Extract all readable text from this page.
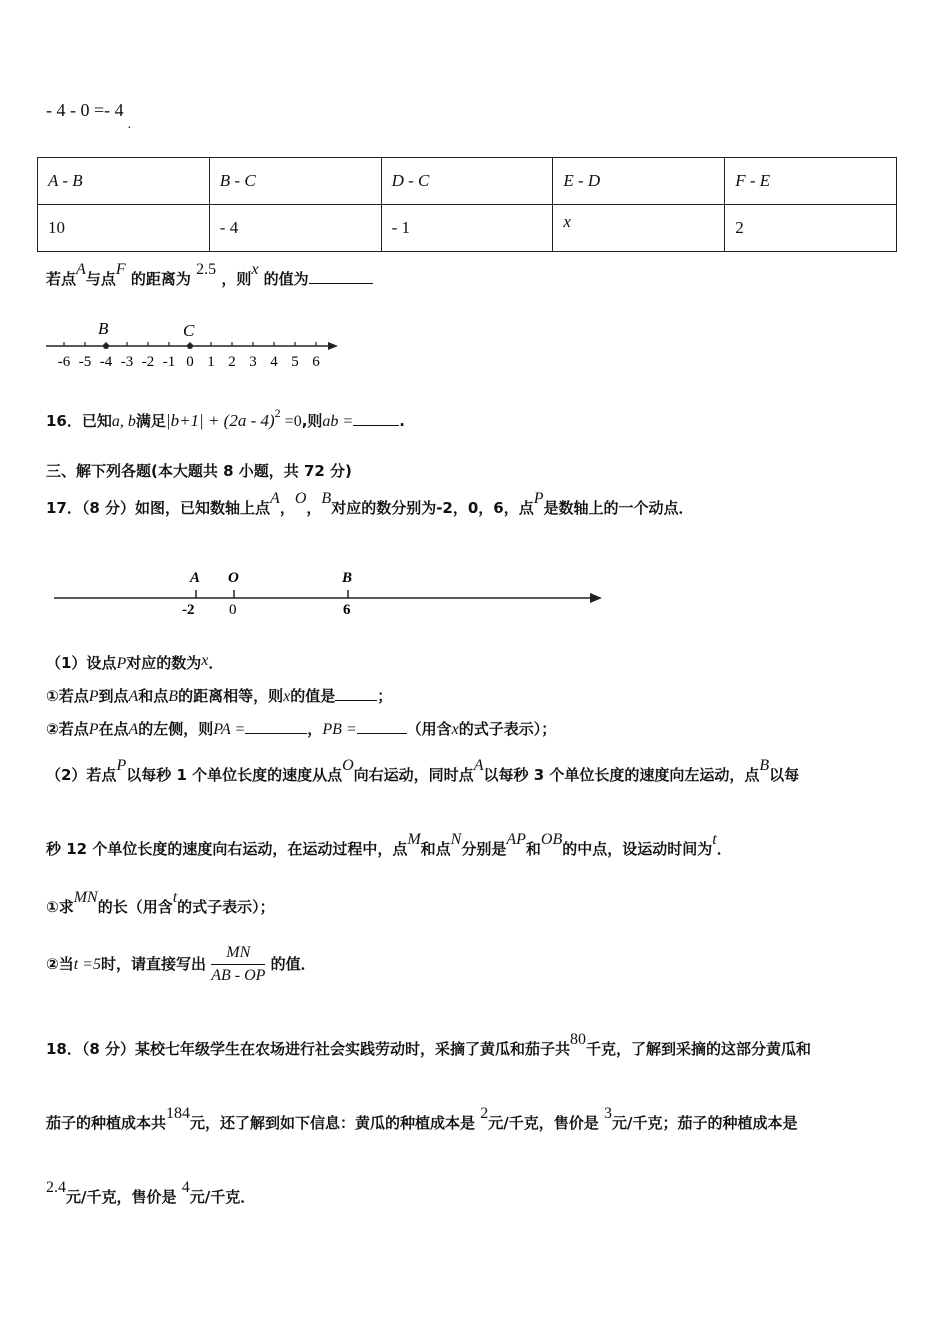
- $4 - 0 =- 4_.$
A - B	B - C	D - C	E - D	F - E
10	- 4	- 1	x	2
若点A与点F 的距离为 2.5 ，则x 的值为
-6 -5 -4 -3 -2 -1 0 1 2 3 4 5 6
B	C
16．已知a, b满足|b+1| + (2a - 4)$^2$ =0,则ab =	.
三、解下列各题(本大题共 8 小题，共 72 分)
17．（8 分）如图，已知数轴上点A，O，B对应的数分别为-2，0，6，点P是数轴上的一个动点．
A O	B
-2 0	6
（1）设点P对应的数为x．
①若点P到点A和点B的距离相等，则x的值是	；
②若点P在点A的左侧，则PA =	，PB =	（用含x的式子表示）；
（2）若点P以每秒 1 个单位长度的速度从点O向右运动，同时点A以每秒 3 个单位长度的速度向左运动，点B以每
秒 12 个单位长度的速度向右运动，在运动过程中，点M和点N分别是AP和OB的中点，设运动时间为t．
①求MN的长（用含t的式子表示）；
②当t =5时，请直接写出 $\frac{MN}{AB - OP}$ 的值．
18．（8 分）某校七年级学生在农场进行社会实践劳动时，采摘了黄瓜和茄子共80千克，了解到采摘的这部分黄瓜和
茄子的种植成本共184元，还了解到如下信息：黄瓜的种植成本是 2元/千克，售价是 3元/千克；茄子的种植成本是
2.4元/千克，售价是 4元/千克．
